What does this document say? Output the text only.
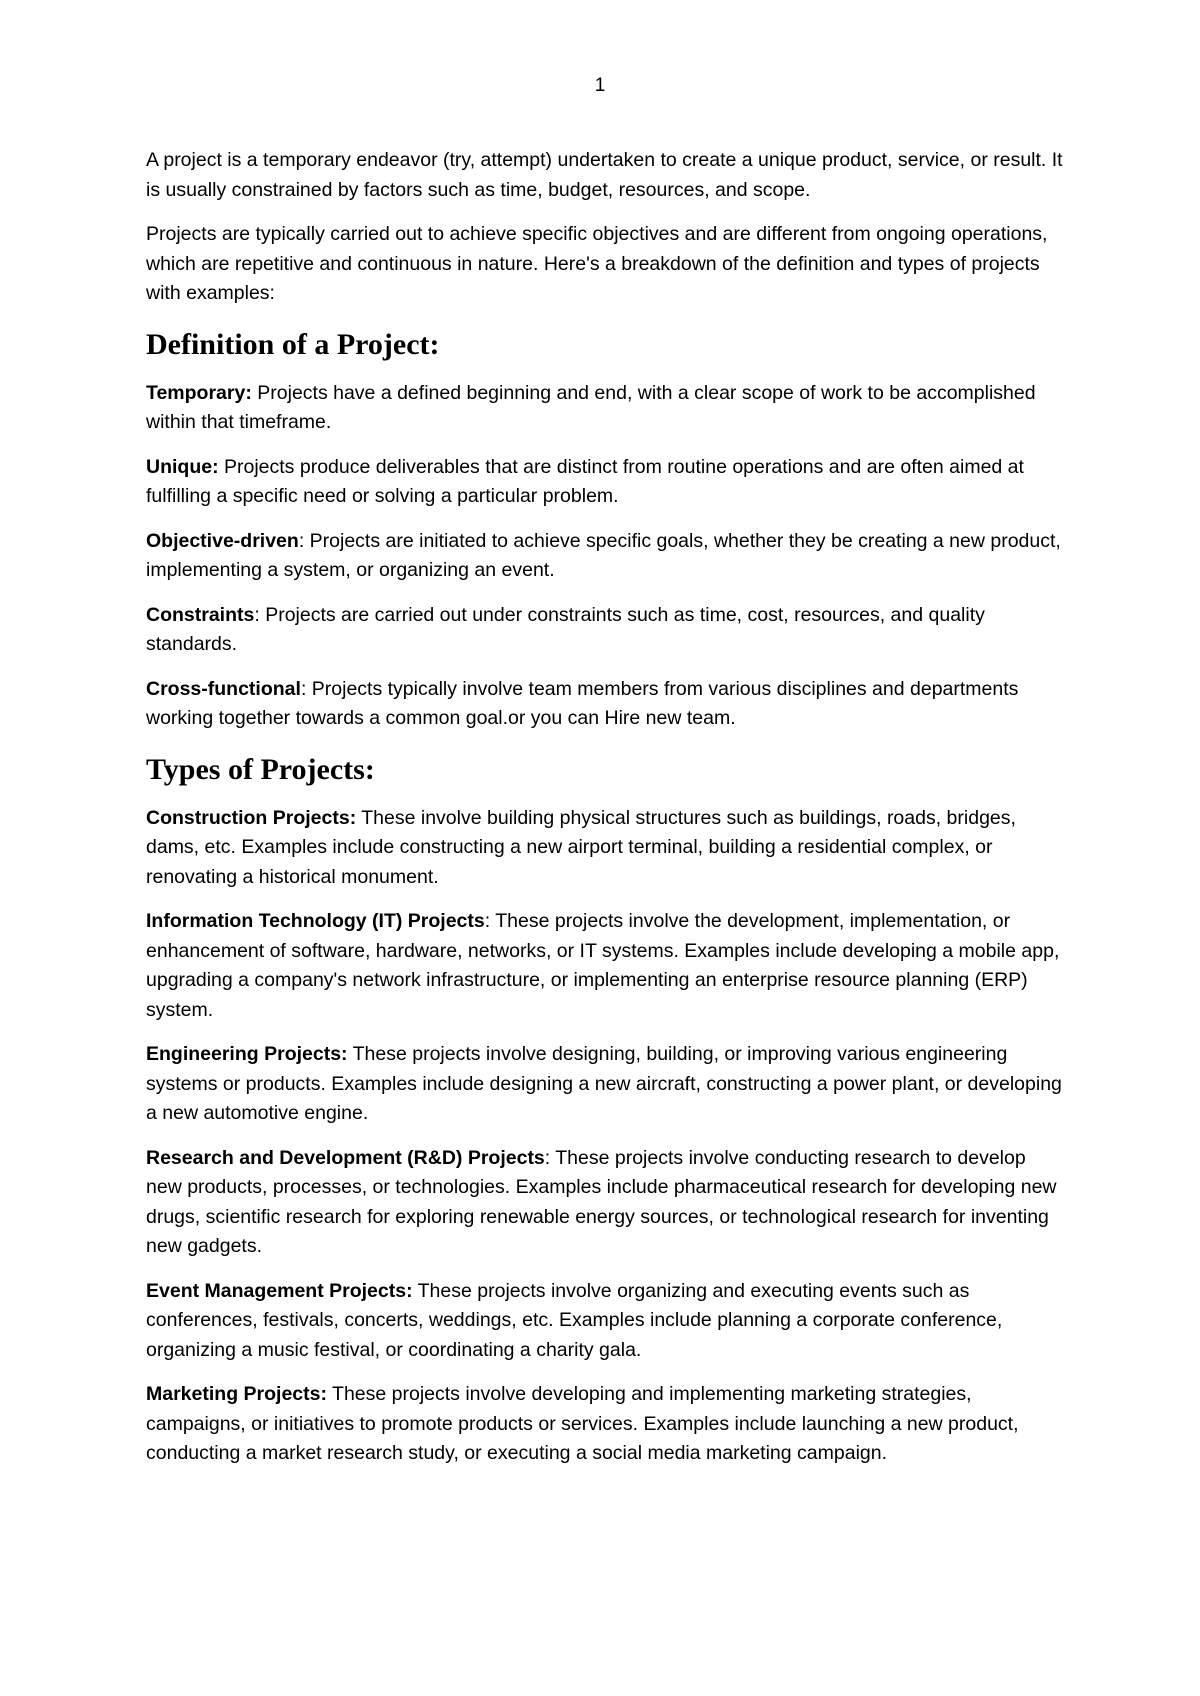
1

A project is a temporary endeavor (try, attempt) undertaken to create a unique product, service, or result. It is usually constrained by factors such as time, budget, resources, and scope.

Projects are typically carried out to achieve specific objectives and are different from ongoing operations, which are repetitive and continuous in nature. Here's a breakdown of the definition and types of projects with examples:

Definition of a Project:

Temporary: Projects have a defined beginning and end, with a clear scope of work to be accomplished within that timeframe.

Unique: Projects produce deliverables that are distinct from routine operations and are often aimed at fulfilling a specific need or solving a particular problem.

Objective-driven: Projects are initiated to achieve specific goals, whether they be creating a new product, implementing a system, or organizing an event.

Constraints: Projects are carried out under constraints such as time, cost, resources, and quality standards.

Cross-functional: Projects typically involve team members from various disciplines and departments working together towards a common goal.or you can Hire new team.

Types of Projects:

Construction Projects: These involve building physical structures such as buildings, roads, bridges, dams, etc. Examples include constructing a new airport terminal, building a residential complex, or renovating a historical monument.

Information Technology (IT) Projects: These projects involve the development, implementation, or enhancement of software, hardware, networks, or IT systems. Examples include developing a mobile app, upgrading a company's network infrastructure, or implementing an enterprise resource planning (ERP) system.

Engineering Projects: These projects involve designing, building, or improving various engineering systems or products. Examples include designing a new aircraft, constructing a power plant, or developing a new automotive engine.

Research and Development (R&D) Projects: These projects involve conducting research to develop new products, processes, or technologies. Examples include pharmaceutical research for developing new drugs, scientific research for exploring renewable energy sources, or technological research for inventing new gadgets.

Event Management Projects: These projects involve organizing and executing events such as conferences, festivals, concerts, weddings, etc. Examples include planning a corporate conference, organizing a music festival, or coordinating a charity gala.

Marketing Projects: These projects involve developing and implementing marketing strategies, campaigns, or initiatives to promote products or services. Examples include launching a new product, conducting a market research study, or executing a social media marketing campaign.
